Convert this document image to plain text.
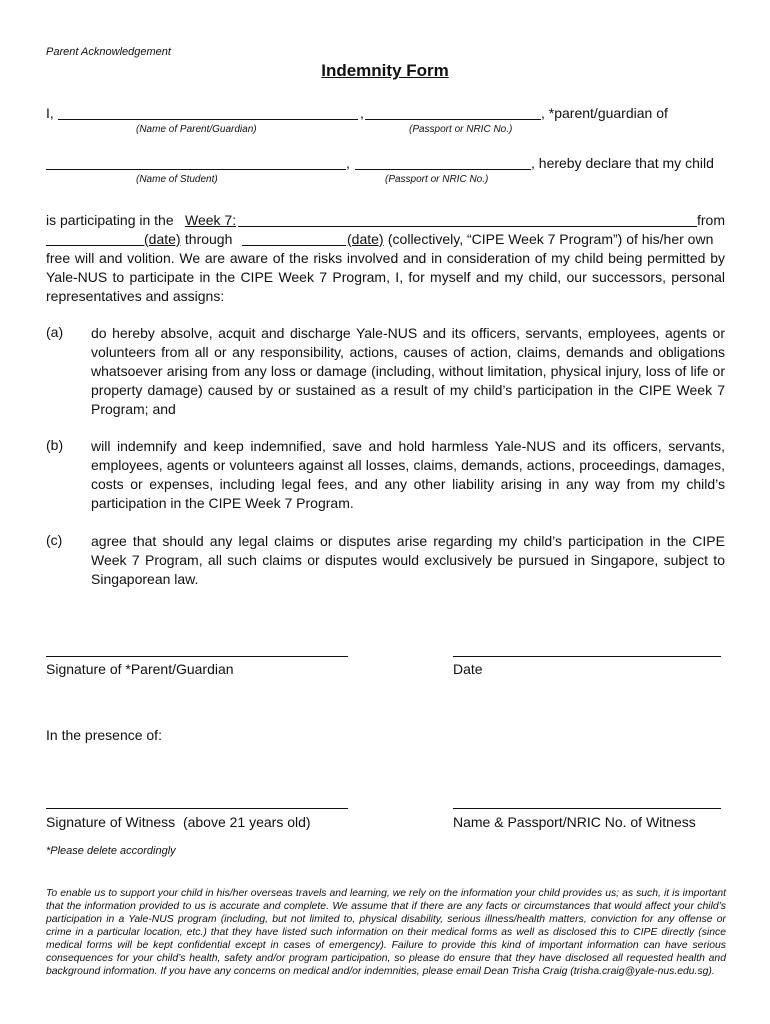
Parent Acknowledgement
Indemnity Form
I,	,	, *parent/guardian of
(Name of Parent/Guardian)	(Passport or NRIC No.)
,	, hereby declare that my child
(Name of Student)	(Passport or NRIC No.)
is participating in the Week 7:	from
(date) through	(date) (collectively, “CIPE Week 7 Program”) of his/her own
free will and volition. We are aware of the risks involved and in consideration of my child being permitted by
Yale-NUS to participate in the CIPE Week 7 Program, I, for myself and my child, our successors, personal
representatives and assigns:
(a) do hereby absolve, acquit and discharge Yale-NUS and its officers, servants, employees, agents or volunteers from all or any responsibility, actions, causes of action, claims, demands and obligations whatsoever arising from any loss or damage (including, without limitation, physical injury, loss of life or property damage) caused by or sustained as a result of my child’s participation in the CIPE Week 7 Program; and
(b) will indemnify and keep indemnified, save and hold harmless Yale-NUS and its officers, servants, employees, agents or volunteers against all losses, claims, demands, actions, proceedings, damages, costs or expenses, including legal fees, and any other liability arising in any way from my child’s participation in the CIPE Week 7 Program.
(c) agree that should any legal claims or disputes arise regarding my child’s participation in the CIPE Week 7 Program, all such claims or disputes would exclusively be pursued in Singapore, subject to Singaporean law.
Signature of *Parent/Guardian	Date
In the presence of:
Signature of Witness  (above 21 years old)	Name & Passport/NRIC No. of Witness
*Please delete accordingly
To enable us to support your child in his/her overseas travels and learning, we rely on the information your child provides us; as such, it is important that the information provided to us is accurate and complete. We assume that if there are any facts or circumstances that would affect your child’s participation in a Yale-NUS program (including, but not limited to, physical disability, serious illness/health matters, conviction for any offense or crime in a particular location, etc.) that they have listed such information on their medical forms as well as disclosed this to CIPE directly (since medical forms will be kept confidential except in cases of emergency). Failure to provide this kind of important information can have serious consequences for your child’s health, safety and/or program participation, so please do ensure that they have disclosed all requested health and background information. If you have any concerns on medical and/or indemnities, please email Dean Trisha Craig (trisha.craig@yale-nus.edu.sg).
